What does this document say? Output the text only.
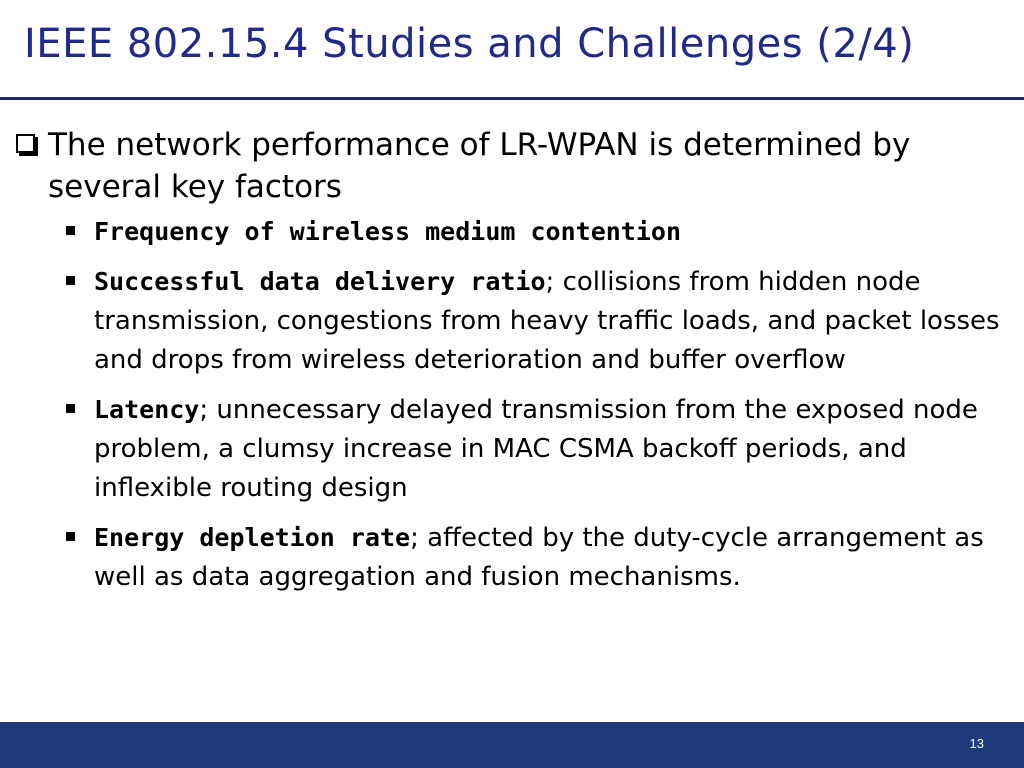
IEEE 802.15.4 Studies and Challenges (2/4)
The network performance of LR-WPAN is determined by several key factors
Frequency of wireless medium contention
Successful data delivery ratio; collisions from hidden node transmission, congestions from heavy traffic loads, and packet losses and drops from wireless deterioration and buffer overflow
Latency; unnecessary delayed transmission from the exposed node problem, a clumsy increase in MAC CSMA backoff periods, and inflexible routing design
Energy depletion rate; affected by the duty-cycle arrangement as well as data aggregation and fusion mechanisms.
13
